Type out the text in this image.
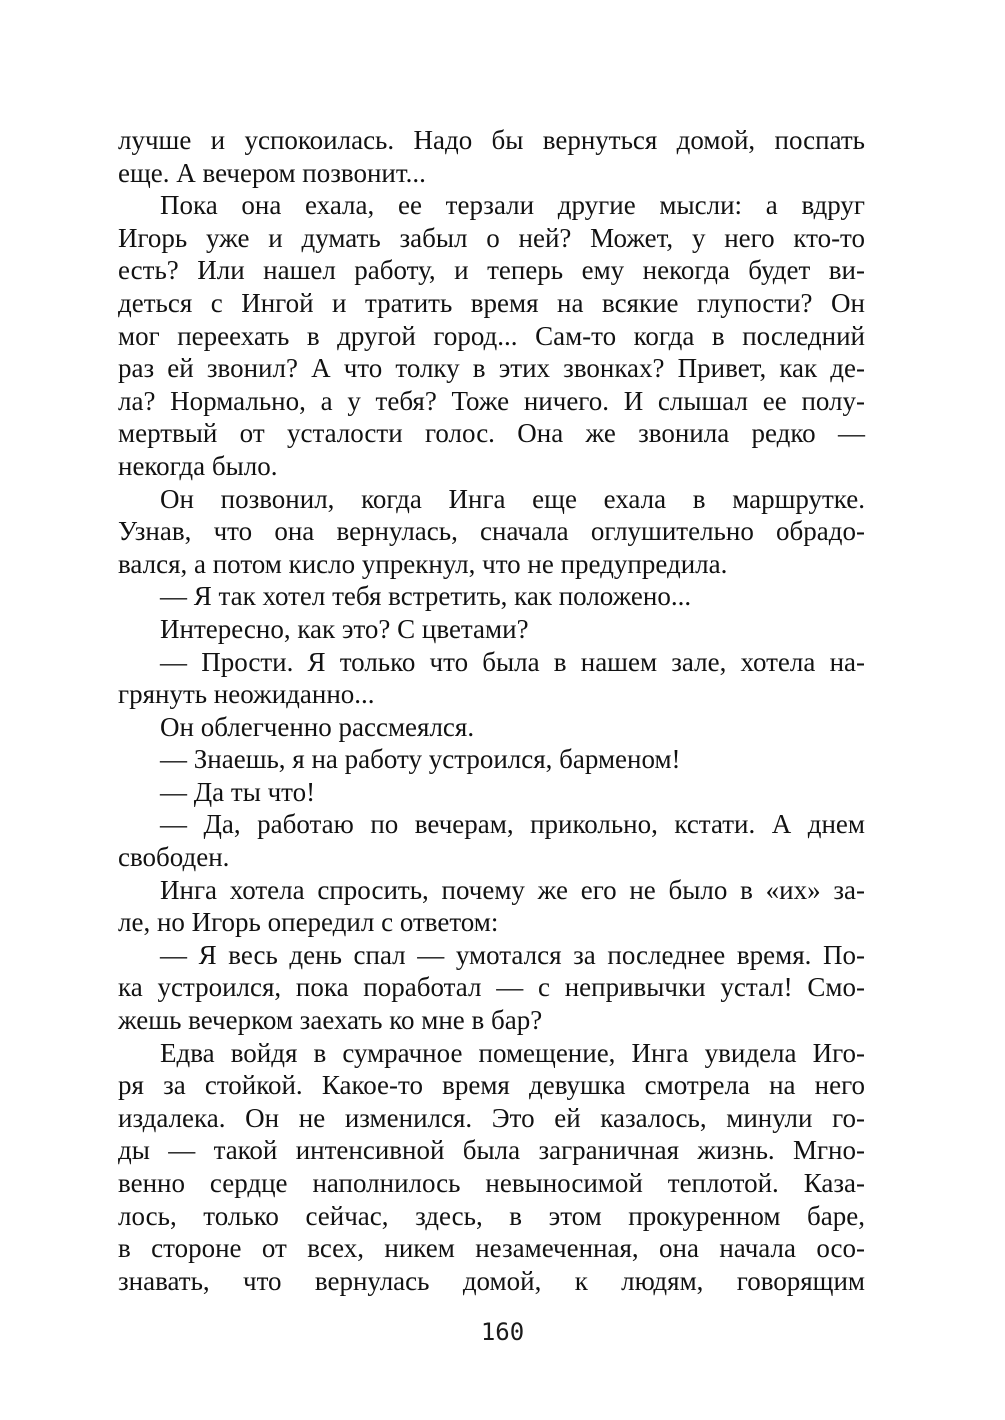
лучше и успокоилась. Надо бы вернуться домой, поспать
еще. А вечером позвонит...
Пока она ехала, ее терзали другие мысли: а вдруг
Игорь уже и думать забыл о ней? Может, у него кто-то
есть? Или нашел работу, и теперь ему некогда будет ви-
деться с Ингой и тратить время на всякие глупости? Он
мог переехать в другой город... Сам-то когда в последний
раз ей звонил? А что толку в этих звонках? Привет, как де-
ла? Нормально, а у тебя? Тоже ничего. И слышал ее полу-
мертвый от усталости голос. Она же звонила редко —
некогда было.
Он позвонил, когда Инга еще ехала в маршрутке.
Узнав, что она вернулась, сначала оглушительно обрадо-
вался, а потом кисло упрекнул, что не предупредила.
— Я так хотел тебя встретить, как положено...
Интересно, как это? С цветами?
— Прости. Я только что была в нашем зале, хотела на-
грянуть неожиданно...
Он облегченно рассмеялся.
— Знаешь, я на работу устроился, барменом!
— Да ты что!
— Да, работаю по вечерам, прикольно, кстати. А днем
свободен.
Инга хотела спросить, почему же его не было в «их» за-
ле, но Игорь опередил с ответом:
— Я весь день спал — умотался за последнее время. По-
ка устроился, пока поработал — с непривычки устал! Смо-
жешь вечерком заехать ко мне в бар?
Едва войдя в сумрачное помещение, Инга увидела Иго-
ря за стойкой. Какое-то время девушка смотрела на него
издалека. Он не изменился. Это ей казалось, минули го-
ды — такой интенсивной была заграничная жизнь. Мгно-
венно сердце наполнилось невыносимой теплотой. Каза-
лось, только сейчас, здесь, в этом прокуренном баре,
в стороне от всех, никем незамеченная, она начала осо-
знавать, что вернулась домой, к людям, говорящим
160
